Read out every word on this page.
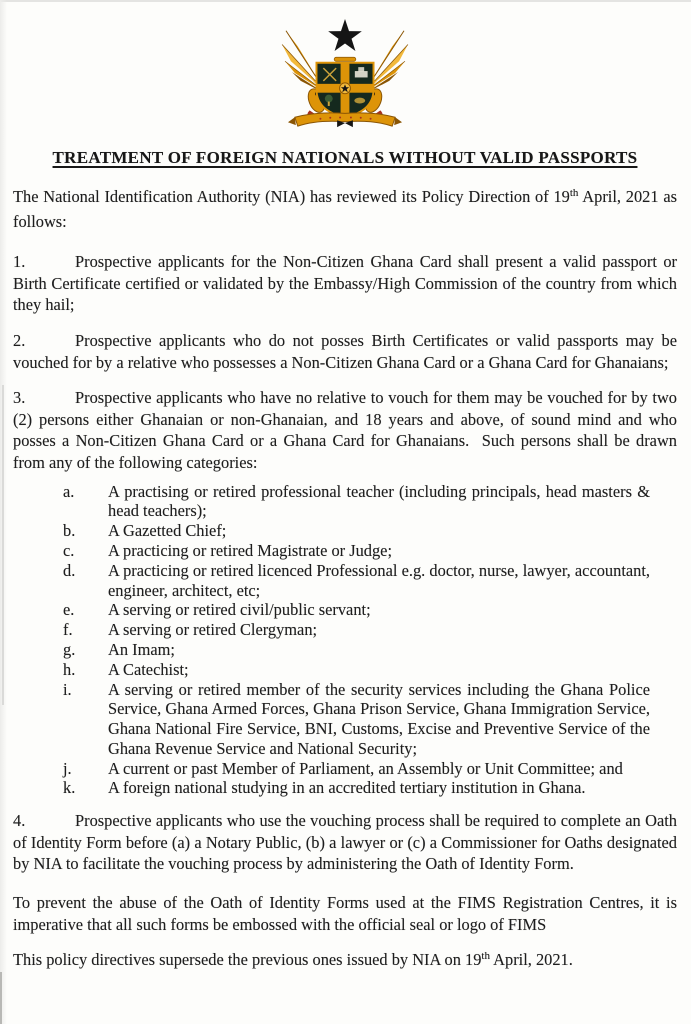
TREATMENT OF FOREIGN NATIONALS WITHOUT VALID PASSPORTS

The National Identification Authority (NIA) has reviewed its Policy Direction of 19th April, 2021 as follows:

1.	Prospective applicants for the Non-Citizen Ghana Card shall present a valid passport or Birth Certificate certified or validated by the Embassy/High Commission of the country from which they hail;

2.	Prospective applicants who do not posses Birth Certificates or valid passports may be vouched for by a relative who possesses a Non-Citizen Ghana Card or a Ghana Card for Ghanaians;

3.	Prospective applicants who have no relative to vouch for them may be vouched for by two (2) persons either Ghanaian or non-Ghanaian, and 18 years and above, of sound mind and who posses a Non-Citizen Ghana Card or a Ghana Card for Ghanaians.  Such persons shall be drawn from any of the following categories:

a.	A practising or retired professional teacher (including principals, head masters & head teachers);
b.	A Gazetted Chief;
c.	A practicing or retired Magistrate or Judge;
d.	A practicing or retired licenced Professional e.g. doctor, nurse, lawyer, accountant, engineer, architect, etc;
e.	A serving or retired civil/public servant;
f.	A serving or retired Clergyman;
g.	An Imam;
h.	A Catechist;
i.	A serving or retired member of the security services including the Ghana Police Service, Ghana Armed Forces, Ghana Prison Service, Ghana Immigration Service, Ghana National Fire Service, BNI, Customs, Excise and Preventive Service of the Ghana Revenue Service and National Security;
j.	A current or past Member of Parliament, an Assembly or Unit Committee; and
k.	A foreign national studying in an accredited tertiary institution in Ghana.

4.	Prospective applicants who use the vouching process shall be required to complete an Oath of Identity Form before (a) a Notary Public, (b) a lawyer or (c) a Commissioner for Oaths designated by NIA to facilitate the vouching process by administering the Oath of Identity Form.

To prevent the abuse of the Oath of Identity Forms used at the FIMS Registration Centres, it is imperative that all such forms be embossed with the official seal or logo of FIMS

This policy directives supersede the previous ones issued by NIA on 19th April, 2021.
